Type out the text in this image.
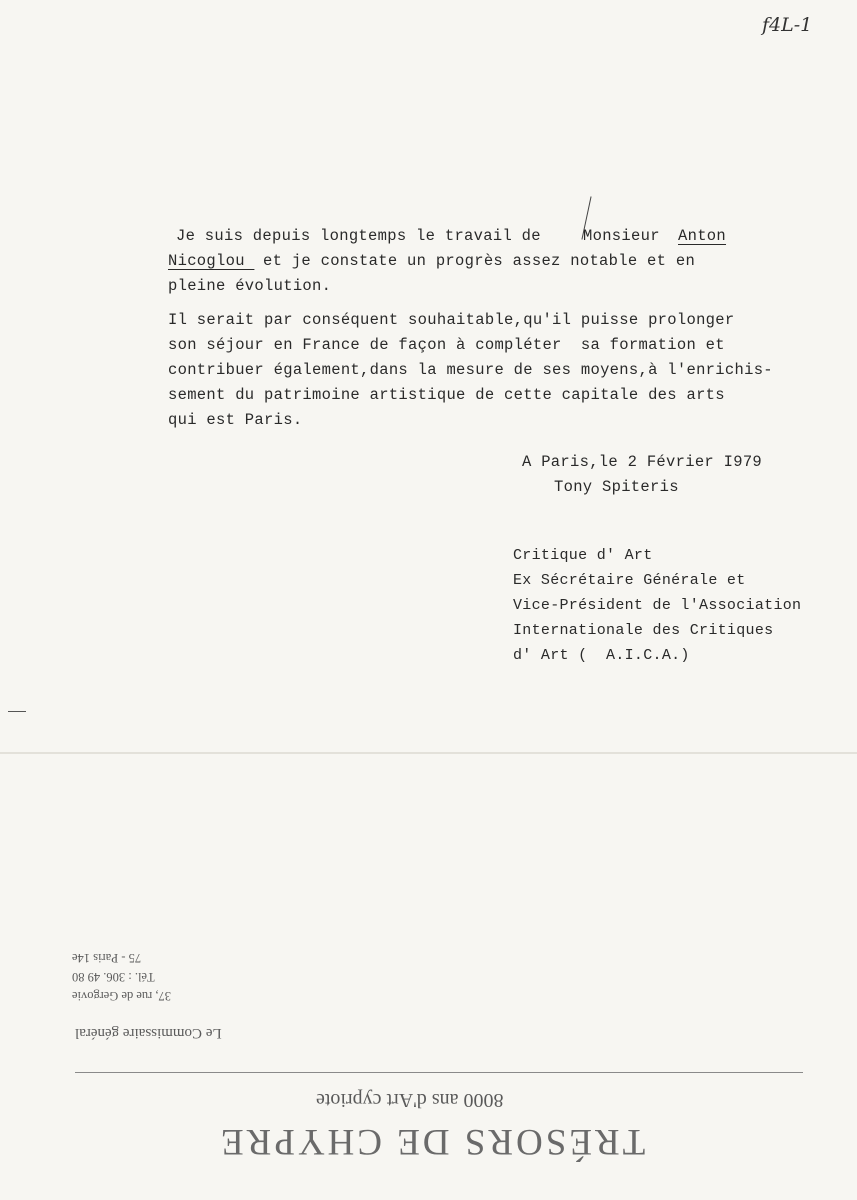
f4L-1
Je suis depuis longtemps le travail de Monsieur Anton
Nicoglou et je constate un progrès assez notable et en
pleine évolution.
Il serait par conséquent souhaitable,qu'il puisse prolonger
son séjour en France de façon à compléter  sa formation et
contribuer également,dans la mesure de ses moyens,à l'enrichis-
sement du patrimoine artistique de cette capitale des arts
qui est Paris.
A Paris,le 2 Février I979
Tony Spiteris
Critique d' Art
Ex Sécrétaire Générale et
Vice-Président de l'Association
Internationale des Critiques
d' Art (  A.I.C.A.)
75 - Paris 14e
Tél. : 306. 49 80
37, rue de Gergovie
Le Commissaire général
8000 ans d'Art cypriote
TRÉSORS DE CHYPRE
